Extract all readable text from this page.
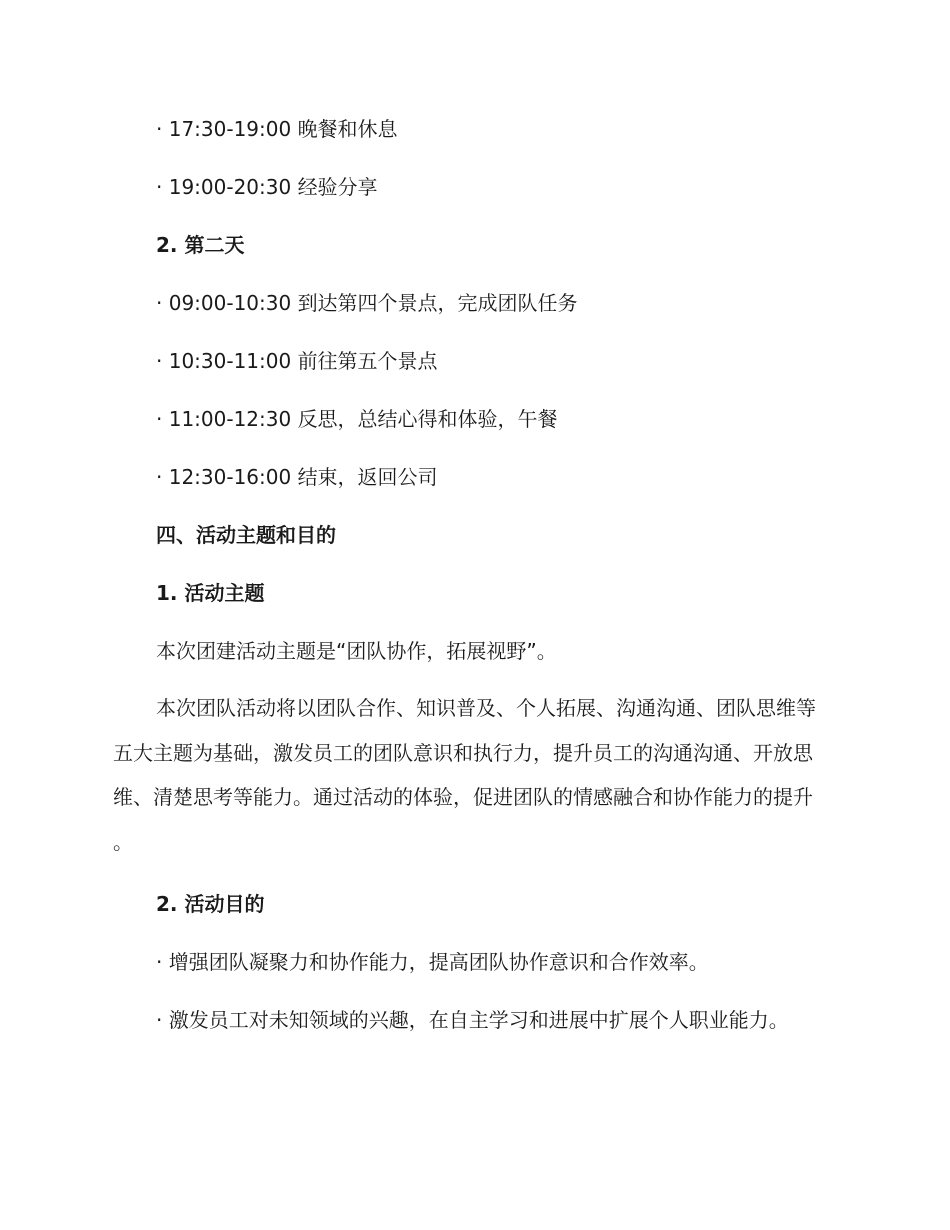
· 17:30-19:00 晚餐和休息

· 19:00-20:30 经验分享

2. 第二天

· 09:00-10:30 到达第四个景点，完成团队任务

· 10:30-11:00 前往第五个景点

· 11:00-12:30 反思，总结心得和体验，午餐

· 12:30-16:00 结束，返回公司

四、活动主题和目的

1. 活动主题

本次团建活动主题是“团队协作，拓展视野”。

本次团队活动将以团队合作、知识普及、个人拓展、沟通沟通、团队思维等五大主题为基础，激发员工的团队意识和执行力，提升员工的沟通沟通、开放思维、清楚思考等能力。通过活动的体验，促进团队的情感融合和协作能力的提升。

2. 活动目的

· 增强团队凝聚力和协作能力，提高团队协作意识和合作效率。

· 激发员工对未知领域的兴趣，在自主学习和进展中扩展个人职业能力。
